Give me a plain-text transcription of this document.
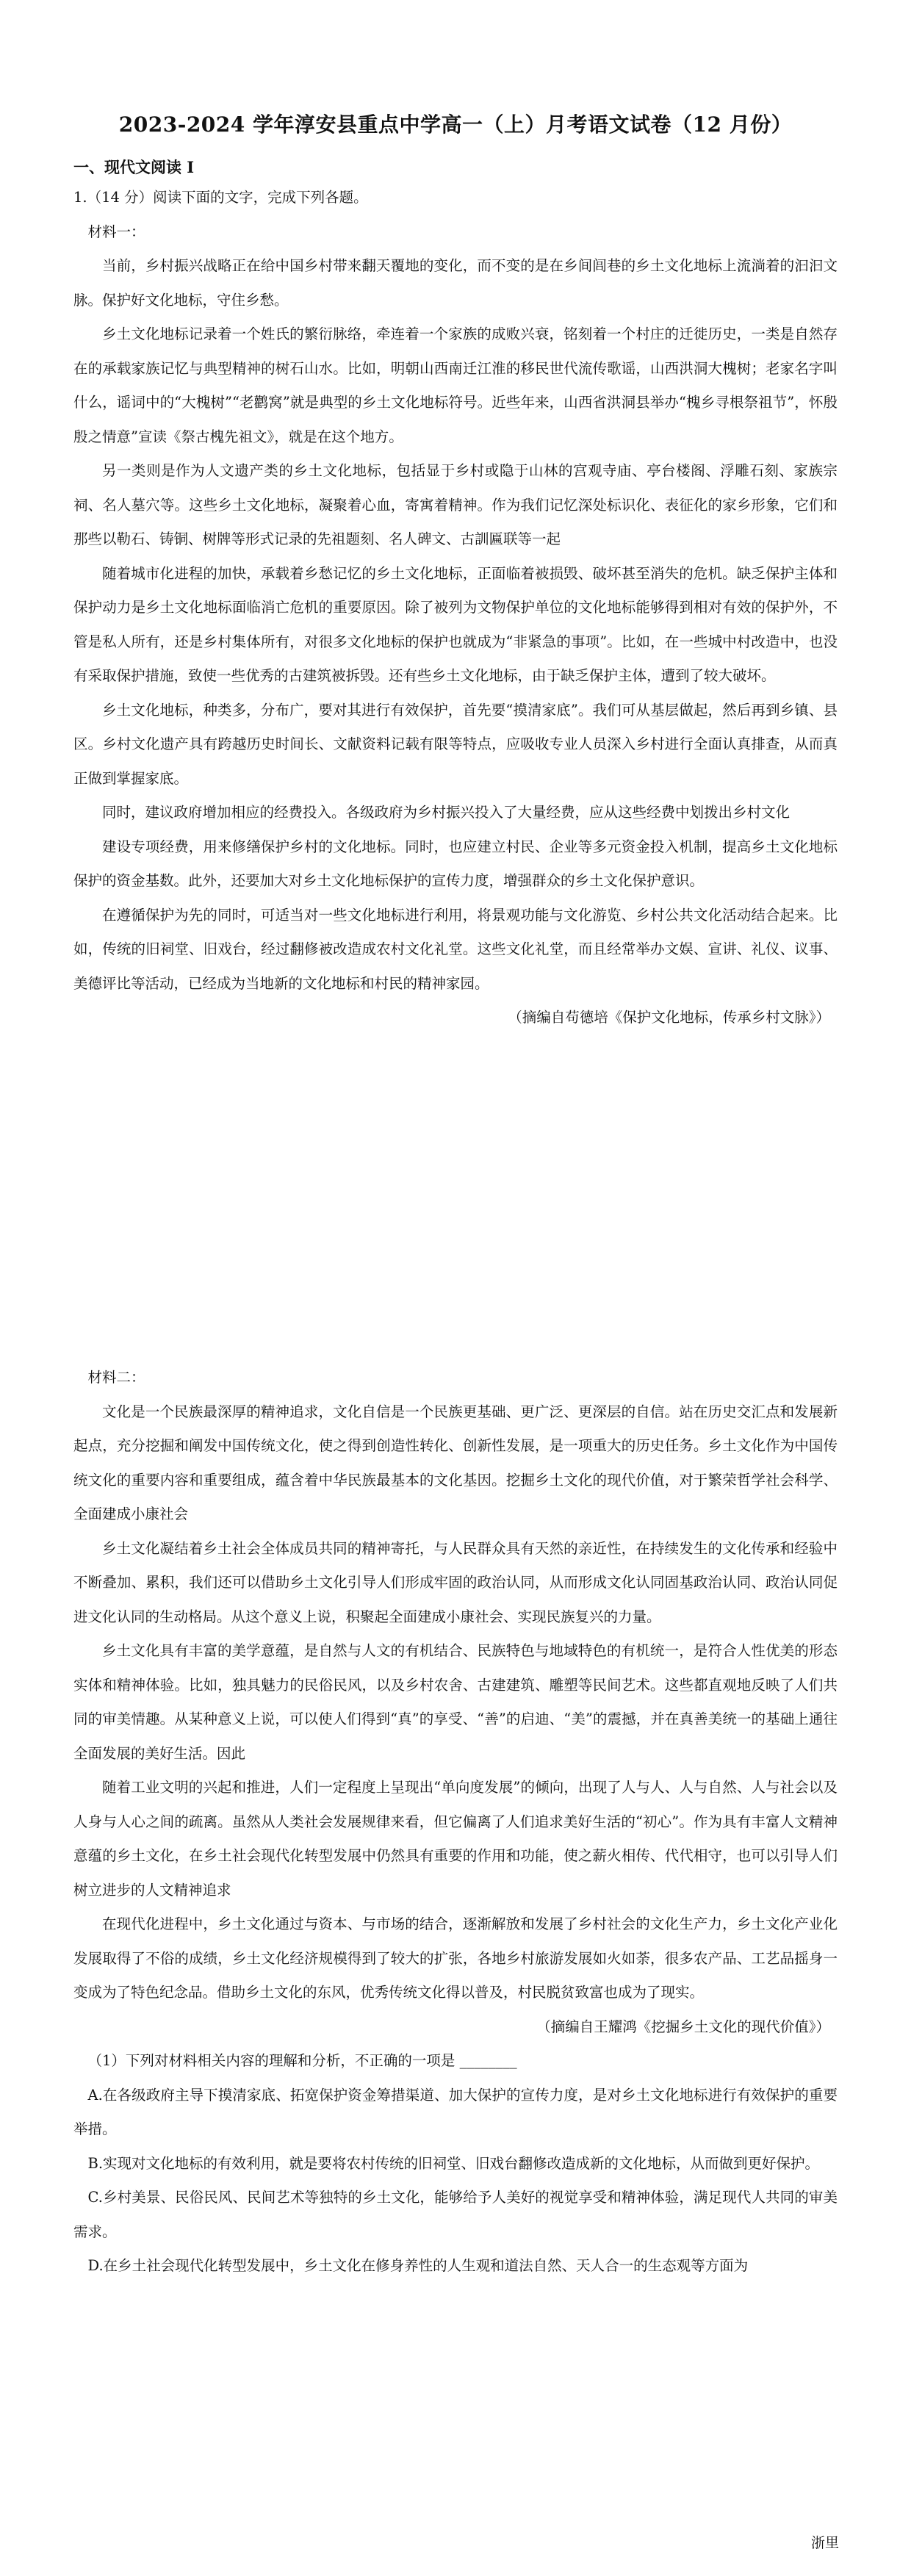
2023-2024 学年淳安县重点中学高一（上）月考语文试卷（12 月份）
一、现代文阅读 I

1.（14 分）阅读下面的文字，完成下列各题。

材料一：

当前，乡村振兴战略正在给中国乡村带来翻天覆地的变化，而不变的是在乡间闾巷的乡土文化地标上流淌着的汩汩文脉。保护好文化地标，守住乡愁。

乡土文化地标记录着一个姓氏的繁衍脉络，牵连着一个家族的成败兴衰，铭刻着一个村庄的迁徙历史，一类是自然存在的承载家族记忆与典型精神的树石山水。比如，明朝山西南迁江淮的移民世代流传歌谣，山西洪洞大槐树；老家名字叫什么，谣词中的“大槐树”“老鹳窝”就是典型的乡土文化地标符号。近些年来，山西省洪洞县举办“槐乡寻根祭祖节”，怀殷殷之情意”宣读《祭古槐先祖文》，就是在这个地方。

另一类则是作为人文遗产类的乡土文化地标，包括显于乡村或隐于山林的宫观寺庙、亭台楼阁、浮雕石刻、家族宗祠、名人墓穴等。这些乡土文化地标，凝聚着心血，寄寓着精神。作为我们记忆深处标识化、表征化的家乡形象，它们和那些以勒石、铸铜、树牌等形式记录的先祖题刻、名人碑文、古訓匾联等一起

随着城市化进程的加快，承载着乡愁记忆的乡土文化地标，正面临着被损毁、破坏甚至消失的危机。缺乏保护主体和保护动力是乡土文化地标面临消亡危机的重要原因。除了被列为文物保护单位的文化地标能够得到相对有效的保护外，不管是私人所有，还是乡村集体所有，对很多文化地标的保护也就成为“非紧急的事项”。比如，在一些城中村改造中，也没有采取保护措施，致使一些优秀的古建筑被拆毁。还有些乡土文化地标，由于缺乏保护主体，遭到了较大破坏。

乡土文化地标，种类多，分布广，要对其进行有效保护，首先要“摸清家底”。我们可从基层做起，然后再到乡镇、县区。乡村文化遗产具有跨越历史时间长、文献资料记载有限等特点，应吸收专业人员深入乡村进行全面认真排查，从而真正做到掌握家底。

同时，建议政府增加相应的经费投入。各级政府为乡村振兴投入了大量经费，应从这些经费中划拨出乡村文化

建设专项经费，用来修缮保护乡村的文化地标。同时，也应建立村民、企业等多元资金投入机制，提高乡土文化地标保护的资金基数。此外，还要加大对乡土文化地标保护的宣传力度，增强群众的乡土文化保护意识。

在遵循保护为先的同时，可适当对一些文化地标进行利用，将景观功能与文化游览、乡村公共文化活动结合起来。比如，传统的旧祠堂、旧戏台，经过翻修被改造成农村文化礼堂。这些文化礼堂，而且经常举办文娱、宣讲、礼仪、议事、美德评比等活动，已经成为当地新的文化地标和村民的精神家园。

（摘编自苟德培《保护文化地标，传承乡村文脉》）

材料二：

文化是一个民族最深厚的精神追求，文化自信是一个民族更基础、更广泛、更深层的自信。站在历史交汇点和发展新起点，充分挖掘和阐发中国传统文化，使之得到创造性转化、创新性发展，是一项重大的历史任务。乡土文化作为中国传统文化的重要内容和重要组成，蕴含着中华民族最基本的文化基因。挖掘乡土文化的现代价值，对于繁荣哲学社会科学、全面建成小康社会

乡土文化凝结着乡土社会全体成员共同的精神寄托，与人民群众具有天然的亲近性，在持续发生的文化传承和经验中不断叠加、累积，我们还可以借助乡土文化引导人们形成牢固的政治认同，从而形成文化认同固基政治认同、政治认同促进文化认同的生动格局。从这个意义上说，积聚起全面建成小康社会、实现民族复兴的力量。

乡土文化具有丰富的美学意蕴，是自然与人文的有机结合、民族特色与地域特色的有机统一，是符合人性优美的形态实体和精神体验。比如，独具魅力的民俗民风，以及乡村农舍、古建建筑、雕塑等民间艺术。这些都直观地反映了人们共同的审美情趣。从某种意义上说，可以使人们得到“真”的享受、“善”的启迪、“美”的震撼，并在真善美统一的基础上通往全面发展的美好生活。因此

随着工业文明的兴起和推进，人们一定程度上呈现出“单向度发展”的倾向，出现了人与人、人与自然、人与社会以及人身与人心之间的疏离。虽然从人类社会发展规律来看，但它偏离了人们追求美好生活的“初心”。作为具有丰富人文精神意蕴的乡土文化，在乡土社会现代化转型发展中仍然具有重要的作用和功能，使之薪火相传、代代相守，也可以引导人们树立进步的人文精神追求

在现代化进程中，乡土文化通过与资本、与市场的结合，逐渐解放和发展了乡村社会的文化生产力，乡土文化产业化发展取得了不俗的成绩，乡土文化经济规模得到了较大的扩张，各地乡村旅游发展如火如荼，很多农产品、工艺品摇身一变成为了特色纪念品。借助乡土文化的东风，优秀传统文化得以普及，村民脱贫致富也成为了现实。

（摘编自王耀鸿《挖掘乡土文化的现代价值》）

（1）下列对材料相关内容的理解和分析，不正确的一项是 ________

A.在各级政府主导下摸清家底、拓宽保护资金筹措渠道、加大保护的宣传力度，是对乡土文化地标进行有效保护的重要举措。

B.实现对文化地标的有效利用，就是要将农村传统的旧祠堂、旧戏台翻修改造成新的文化地标，从而做到更好保护。

C.乡村美景、民俗民风、民间艺术等独特的乡土文化，能够给予人美好的视觉享受和精神体验，满足现代人共同的审美需求。

D.在乡土社会现代化转型发展中，乡土文化在修身养性的人生观和道法自然、天人合一的生态观等方面为

浙里
